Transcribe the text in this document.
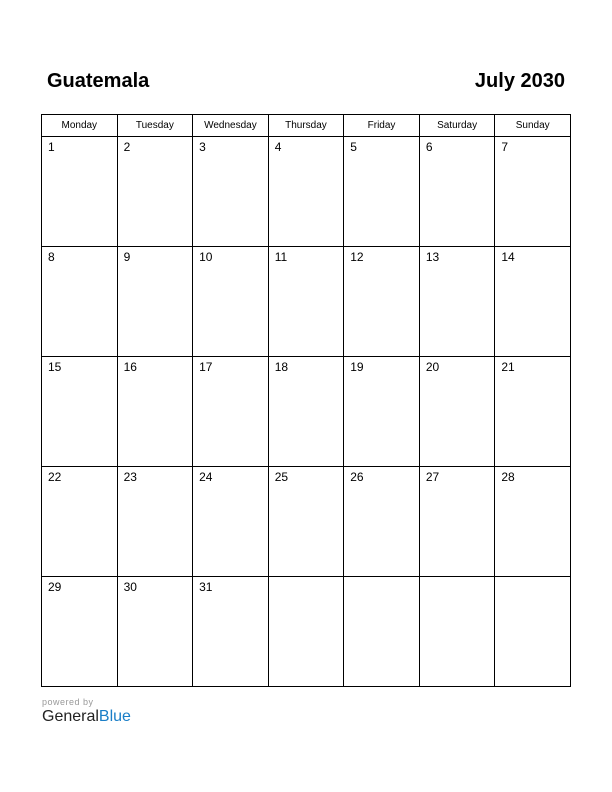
Guatemala	July 2030
Monday	Tuesday	Wednesday	Thursday	Friday	Saturday	Sunday

1	2	3	4	5	6	7

8	9	10	11	12	13	14

15	16	17	18	19	20	21

22	23	24	25	26	27	28

29	30	31				

powered by
GeneralBlue
